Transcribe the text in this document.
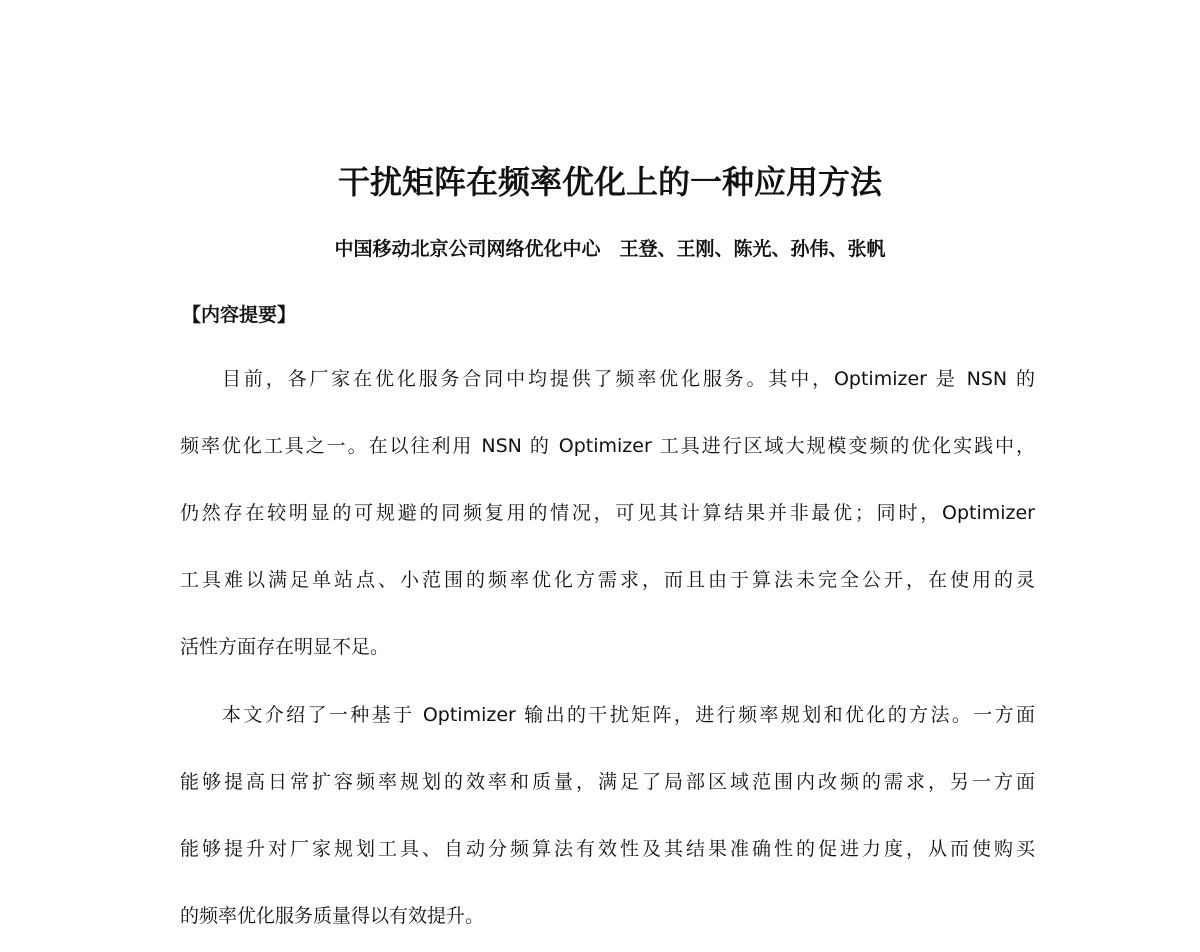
干扰矩阵在频率优化上的一种应用方法
中国移动北京公司网络优化中心　王登、王刚、陈光、孙伟、张帆
【内容提要】
目前，各厂家在优化服务合同中均提供了频率优化服务。其中，Optimizer 是 NSN 的
频率优化工具之一。在以往利用 NSN 的 Optimizer 工具进行区域大规模变频的优化实践中，
仍然存在较明显的可规避的同频复用的情况，可见其计算结果并非最优；同时，Optimizer
工具难以满足单站点、小范围的频率优化方需求，而且由于算法未完全公开，在使用的灵
活性方面存在明显不足。
本文介绍了一种基于 Optimizer 输出的干扰矩阵，进行频率规划和优化的方法。一方面
能够提高日常扩容频率规划的效率和质量，满足了局部区域范围内改频的需求，另一方面
能够提升对厂家规划工具、自动分频算法有效性及其结果准确性的促进力度，从而使购买
的频率优化服务质量得以有效提升。
